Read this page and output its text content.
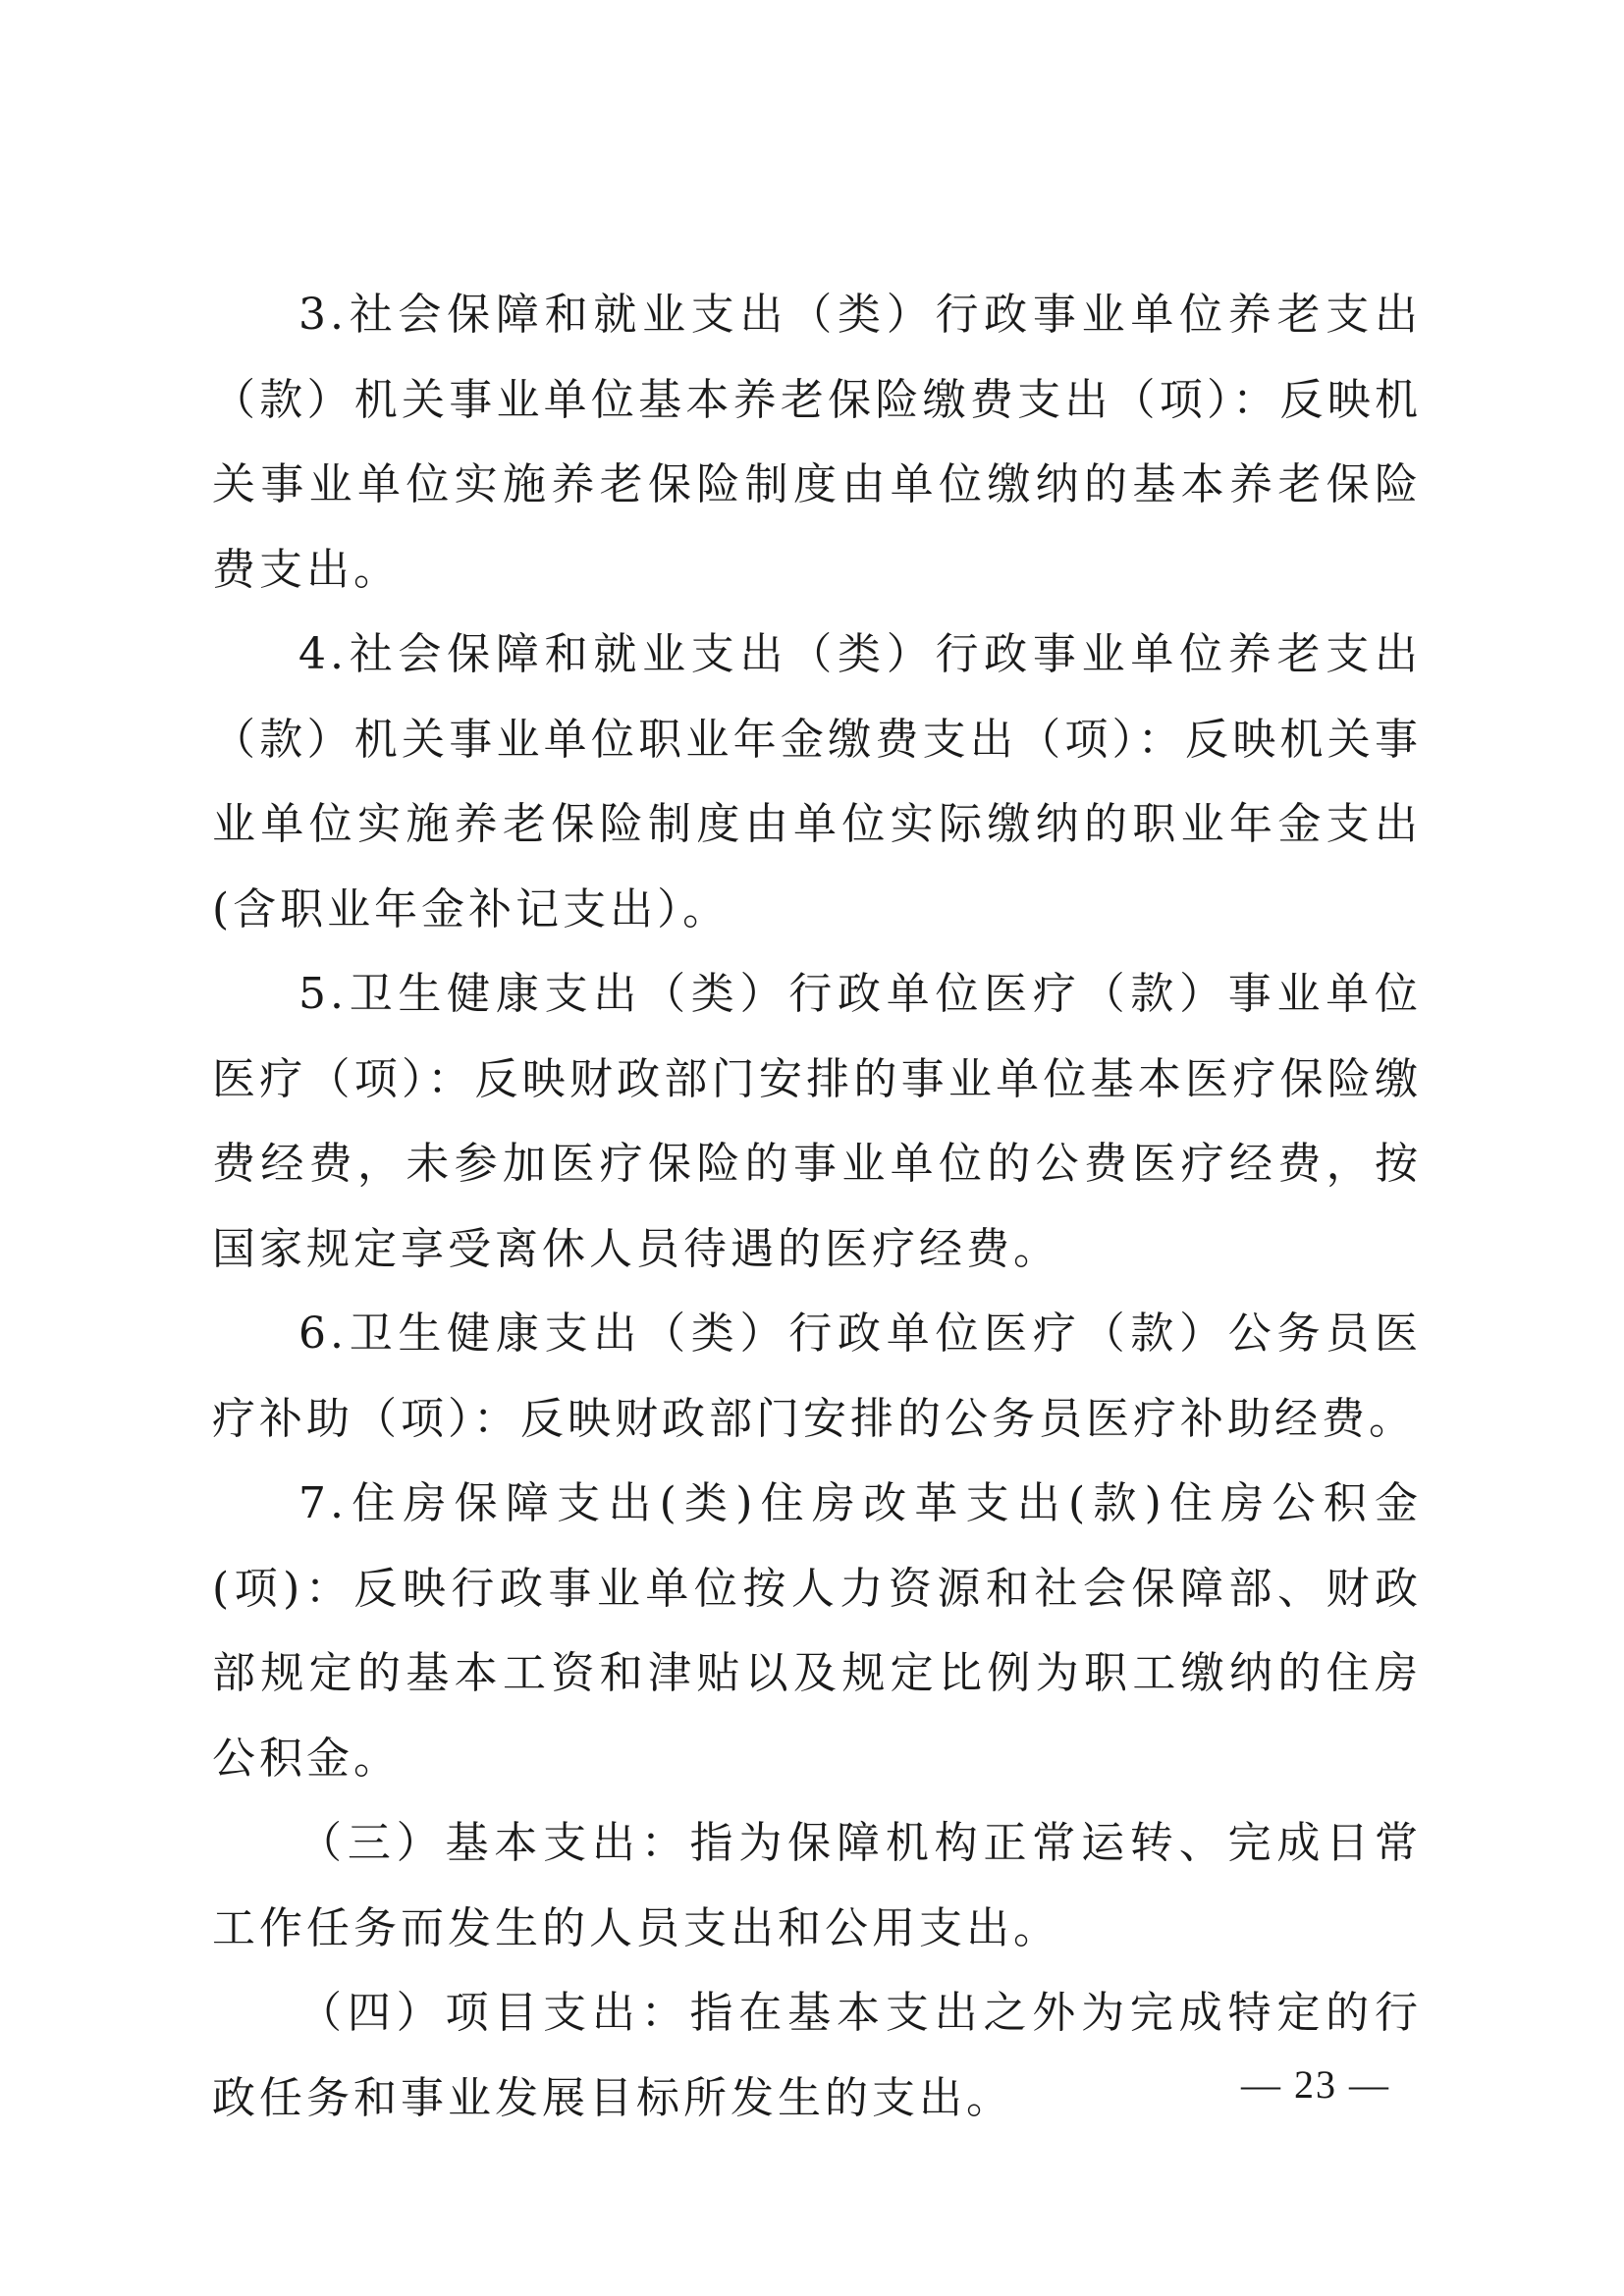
3.社会保障和就业支出（类）行政事业单位养老支出（款）机关事业单位基本养老保险缴费支出（项）：反映机关事业单位实施养老保险制度由单位缴纳的基本养老保险费支出。

4.社会保障和就业支出（类）行政事业单位养老支出（款）机关事业单位职业年金缴费支出（项）：反映机关事业单位实施养老保险制度由单位实际缴纳的职业年金支出(含职业年金补记支出）。

5.卫生健康支出（类）行政单位医疗（款）事业单位医疗（项）：反映财政部门安排的事业单位基本医疗保险缴费经费，未参加医疗保险的事业单位的公费医疗经费，按国家规定享受离休人员待遇的医疗经费。

6.卫生健康支出（类）行政单位医疗（款）公务员医疗补助（项）：反映财政部门安排的公务员医疗补助经费。

7.住房保障支出(类)住房改革支出(款)住房公积金(项)：反映行政事业单位按人力资源和社会保障部、财政部规定的基本工资和津贴以及规定比例为职工缴纳的住房公积金。

（三）基本支出：指为保障机构正常运转、完成日常工作任务而发生的人员支出和公用支出。

（四）项目支出：指在基本支出之外为完成特定的行政任务和事业发展目标所发生的支出。	— 23 —
